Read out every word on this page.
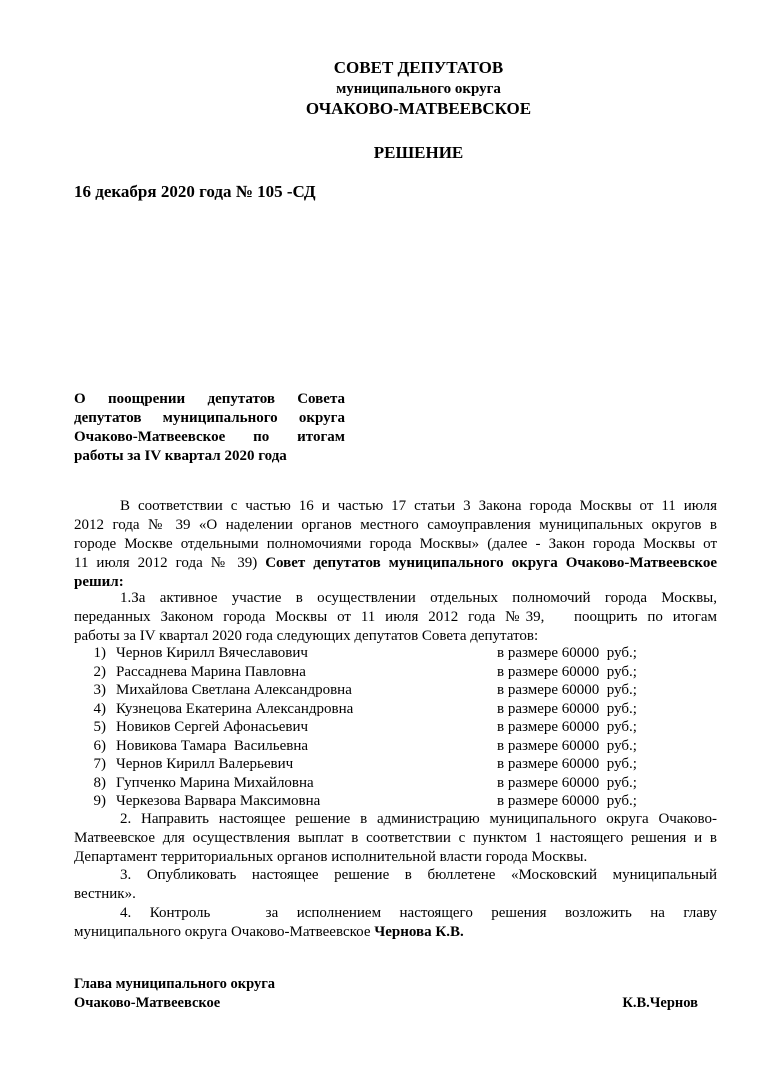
СОВЕТ ДЕПУТАТОВ
муниципального округа
ОЧАКОВО-МАТВЕЕВСКОЕ
РЕШЕНИЕ
16 декабря 2020 года № 105 -СД
О поощрении депутатов Совета
депутатов муниципального округа
Очаково-Матвеевское по итогам
работы за IV квартал 2020 года
В соответствии с частью 16 и частью 17 статьи 3 Закона города Москвы от 11 июля
2012 года № 39 «О наделении органов местного самоуправления муниципальных округов в
городе Москве отдельными полномочиями города Москвы» (далее - Закон города Москвы от
11 июля 2012 года № 39) Совет депутатов муниципального округа Очаково-Матвеевское
решил:
1.За активное участие в осуществлении отдельных полномочий города Москвы,
переданных Законом города Москвы от 11 июля 2012 года №39,   поощрить по итогам
работы за IV квартал 2020 года следующих депутатов Совета депутатов:
1) Чернов Кирилл Вячеславович	в размере 60000  руб.;
2) Рассаднева Марина Павловна	в размере 60000  руб.;
3) Михайлова Светлана Александровна	в размере 60000  руб.;
4) Кузнецова Екатерина Александровна	в размере 60000  руб.;
5) Новиков Сергей Афонасьевич	в размере 60000  руб.;
6) Новикова Тамара  Васильевна	в размере 60000  руб.;
7) Чернов Кирилл Валерьевич	в размере 60000  руб.;
8) Гупченко Марина Михайловна	в размере 60000  руб.;
9) Черкезова Варвара Максимовна	в размере 60000  руб.;
2. Направить настоящее решение в администрацию муниципального округа Очаково-
Матвеевское для осуществления выплат в соответствии с пунктом 1 настоящего решения и в
Департамент территориальных органов исполнительной власти города Москвы.
3. Опубликовать настоящее решение в бюллетене «Московский муниципальный
вестник».
4. Контроль   за исполнением настоящего решения возложить на главу
муниципального округа Очаково-Матвеевское Чернова К.В.
Глава муниципального округа
Очаково-Матвеевское	К.В.Чернов
